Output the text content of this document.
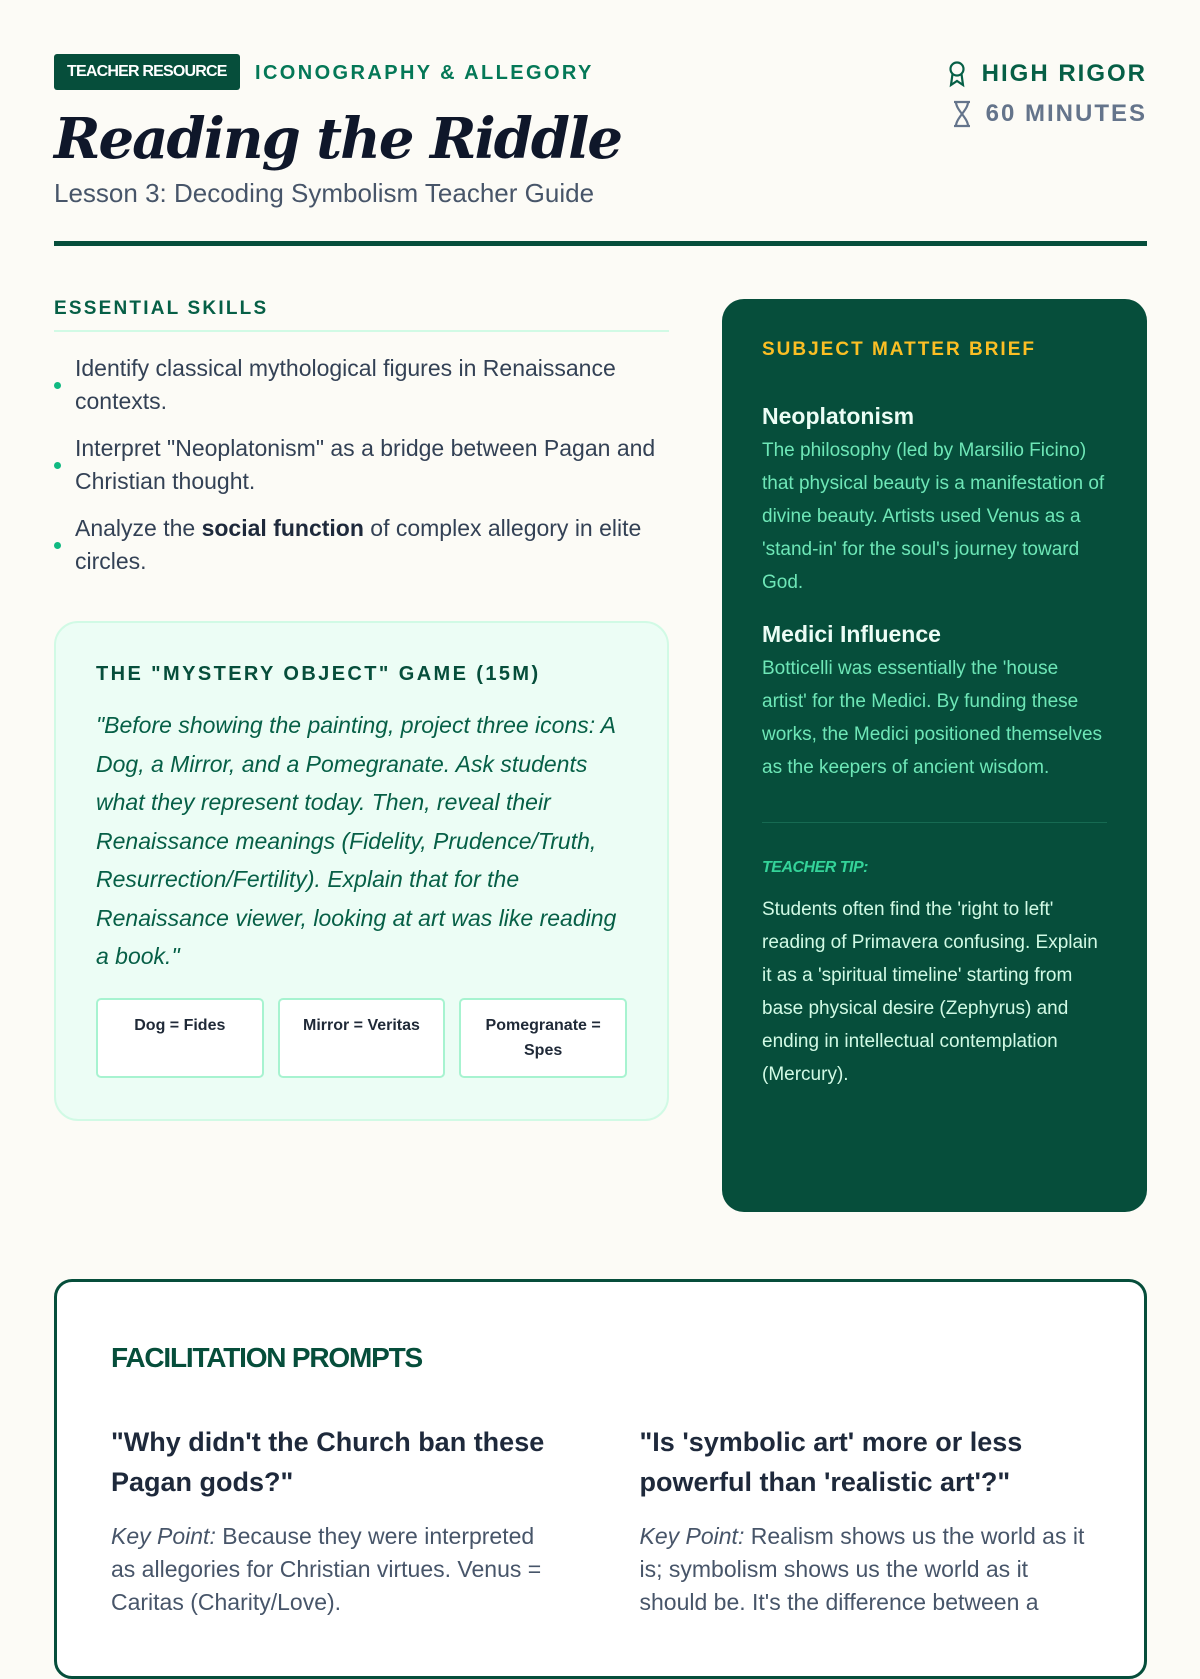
TEACHER RESOURCE	ICONOGRAPHY & ALLEGORY
Reading the Riddle
Lesson 3: Decoding Symbolism Teacher Guide
HIGH RIGOR
60 MINUTES
ESSENTIAL SKILLS
Identify classical mythological figures in Renaissance contexts.
Interpret "Neoplatonism" as a bridge between Pagan and Christian thought.
Analyze the social function of complex allegory in elite circles.
THE "MYSTERY OBJECT" GAME (15M)

"Before showing the painting, project three icons: A Dog, a Mirror, and a Pomegranate. Ask students what they represent today. Then, reveal their Renaissance meanings (Fidelity, Prudence/Truth, Resurrection/Fertility). Explain that for the Renaissance viewer, looking at art was like reading a book."

Dog = Fides	Mirror = Veritas	Pomegranate = Spes
SUBJECT MATTER BRIEF
Neoplatonism

The philosophy (led by Marsilio Ficino) that physical beauty is a manifestation of divine beauty. Artists used Venus as a 'stand-in' for the soul's journey toward God.

Medici Influence

Botticelli was essentially the 'house artist' for the Medici. By funding these works, the Medici positioned themselves as the keepers of ancient wisdom.

TEACHER TIP:

Students often find the 'right to left' reading of Primavera confusing. Explain it as a 'spiritual timeline' starting from base physical desire (Zephyrus) and ending in intellectual contemplation (Mercury).

FACILITATION PROMPTS
"Why didn't the Church ban these Pagan gods?"

Key Point: Because they were interpreted as allegories for Christian virtues. Venus = Caritas (Charity/Love).

"Is 'symbolic art' more or less powerful than 'realistic art'?"

Key Point: Realism shows us the world as it is; symbolism shows us the world as it should be. It's the difference between a
